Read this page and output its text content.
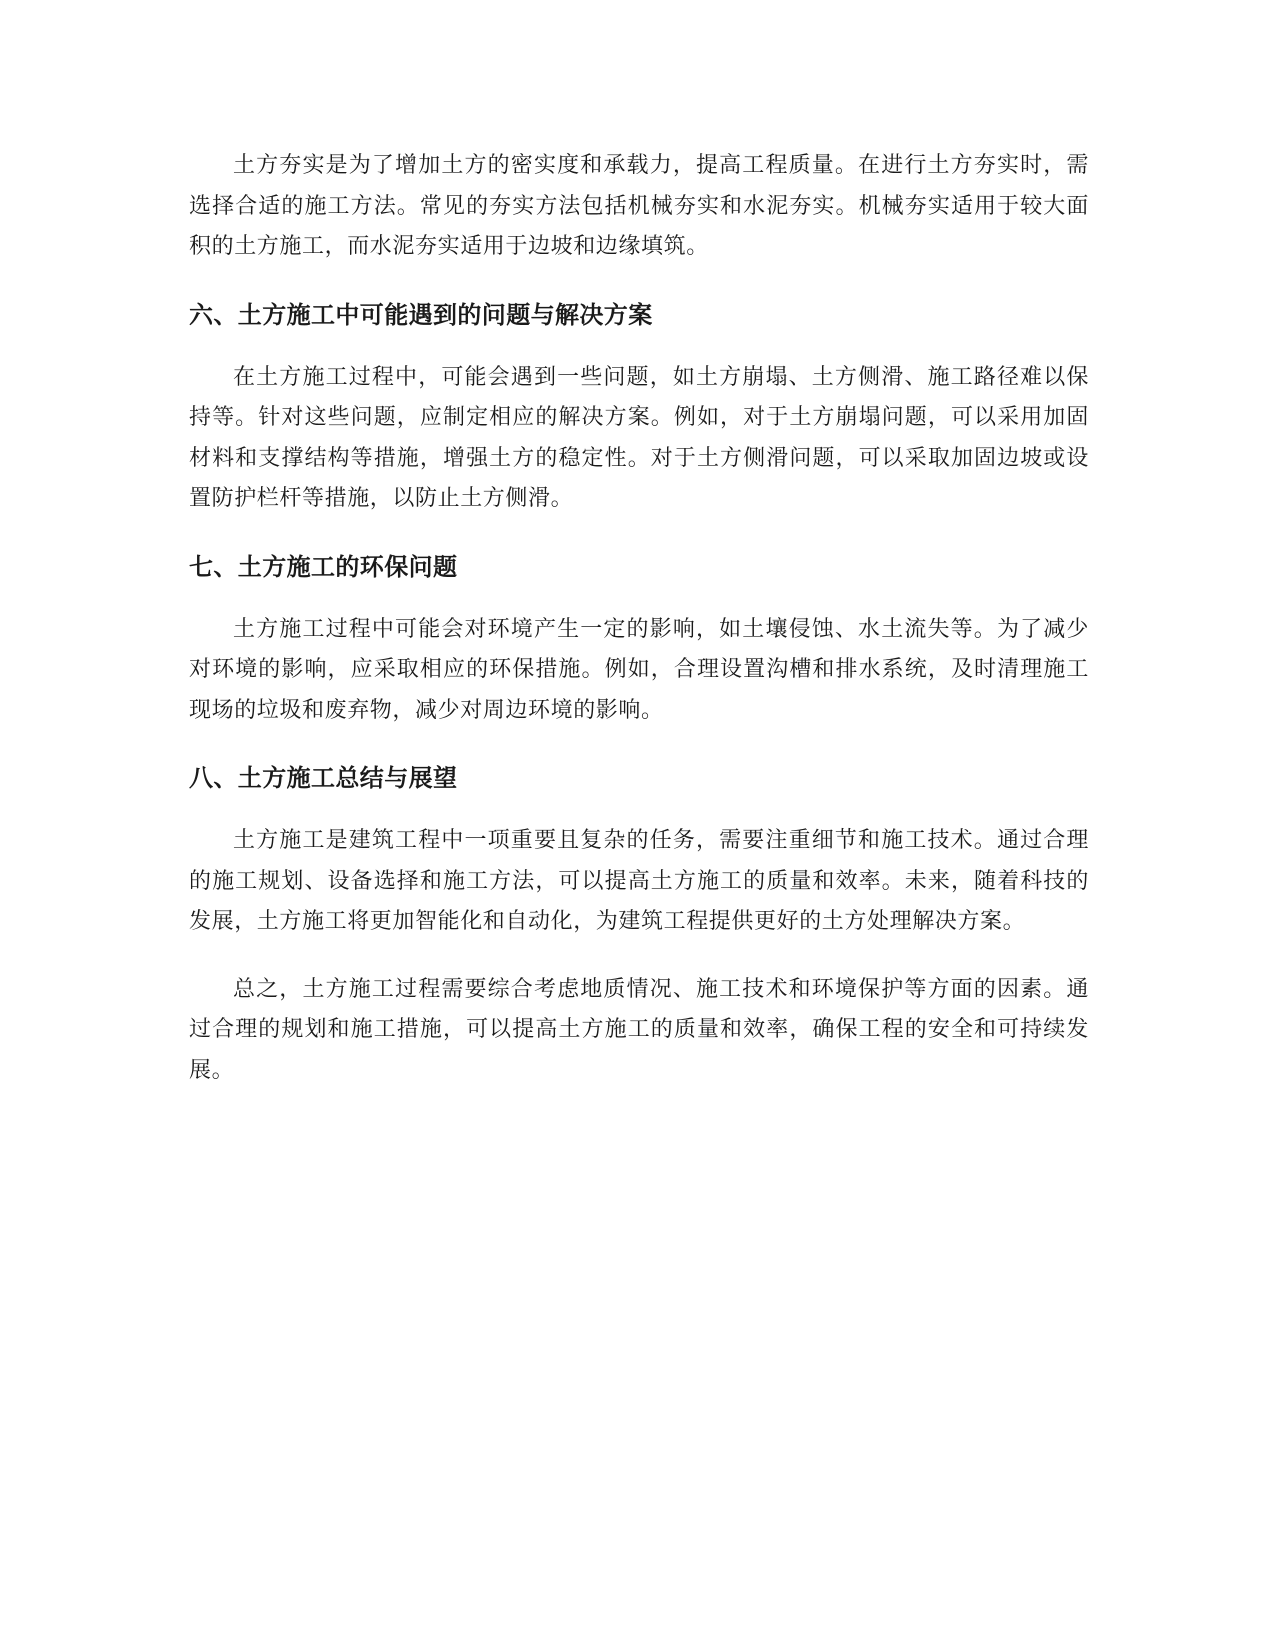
土方夯实是为了增加土方的密实度和承载力，提高工程质量。在进行土方夯实时，需选择合适的施工方法。常见的夯实方法包括机械夯实和水泥夯实。机械夯实适用于较大面积的土方施工，而水泥夯实适用于边坡和边缘填筑。

六、土方施工中可能遇到的问题与解决方案

在土方施工过程中，可能会遇到一些问题，如土方崩塌、土方侧滑、施工路径难以保持等。针对这些问题，应制定相应的解决方案。例如，对于土方崩塌问题，可以采用加固材料和支撑结构等措施，增强土方的稳定性。对于土方侧滑问题，可以采取加固边坡或设置防护栏杆等措施，以防止土方侧滑。

七、土方施工的环保问题

土方施工过程中可能会对环境产生一定的影响，如土壤侵蚀、水土流失等。为了减少对环境的影响，应采取相应的环保措施。例如，合理设置沟槽和排水系统，及时清理施工现场的垃圾和废弃物，减少对周边环境的影响。

八、土方施工总结与展望

土方施工是建筑工程中一项重要且复杂的任务，需要注重细节和施工技术。通过合理的施工规划、设备选择和施工方法，可以提高土方施工的质量和效率。未来，随着科技的发展，土方施工将更加智能化和自动化，为建筑工程提供更好的土方处理解决方案。

总之，土方施工过程需要综合考虑地质情况、施工技术和环境保护等方面的因素。通过合理的规划和施工措施，可以提高土方施工的质量和效率，确保工程的安全和可持续发展。
